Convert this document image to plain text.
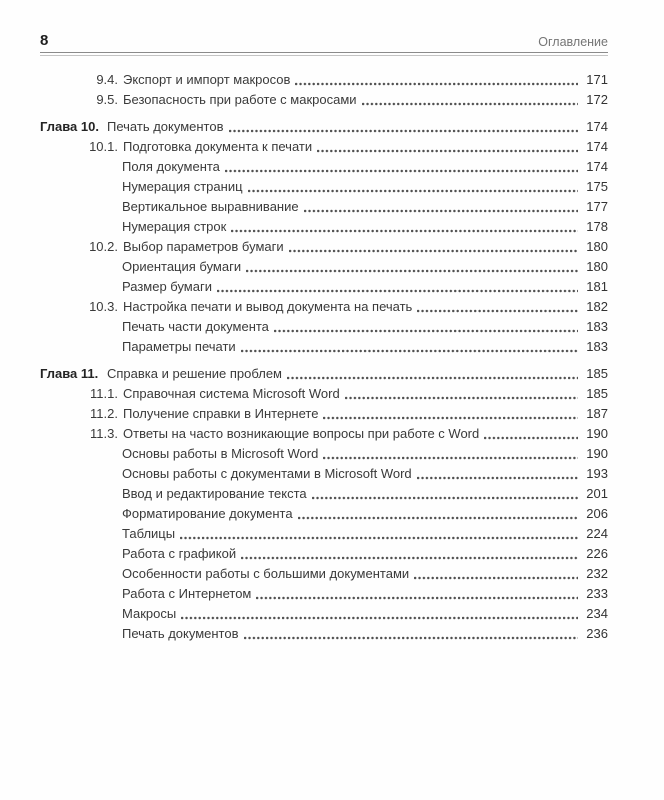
8	Оглавление
9.4. Экспорт и импорт макросов	171
9.5. Безопасность при работе с макросами	172
Глава 10. Печать документов	174
10.1. Подготовка документа к печати	174
Поля документа	174
Нумерация страниц	175
Вертикальное выравнивание	177
Нумерация строк	178
10.2. Выбор параметров бумаги	180
Ориентация бумаги	180
Размер бумаги	181
10.3. Настройка печати и вывод документа на печать	182
Печать части документа	183
Параметры печати	183
Глава 11. Справка и решение проблем	185
11.1. Справочная система Microsoft Word	185
11.2. Получение справки в Интернете	187
11.3. Ответы на часто возникающие вопросы при работе с Word	190
Основы работы в Microsoft Word	190
Основы работы с документами в Microsoft Word	193
Ввод и редактирование текста	201
Форматирование документа	206
Таблицы	224
Работа с графикой	226
Особенности работы с большими документами	232
Работа с Интернетом	233
Макросы	234
Печать документов	236
